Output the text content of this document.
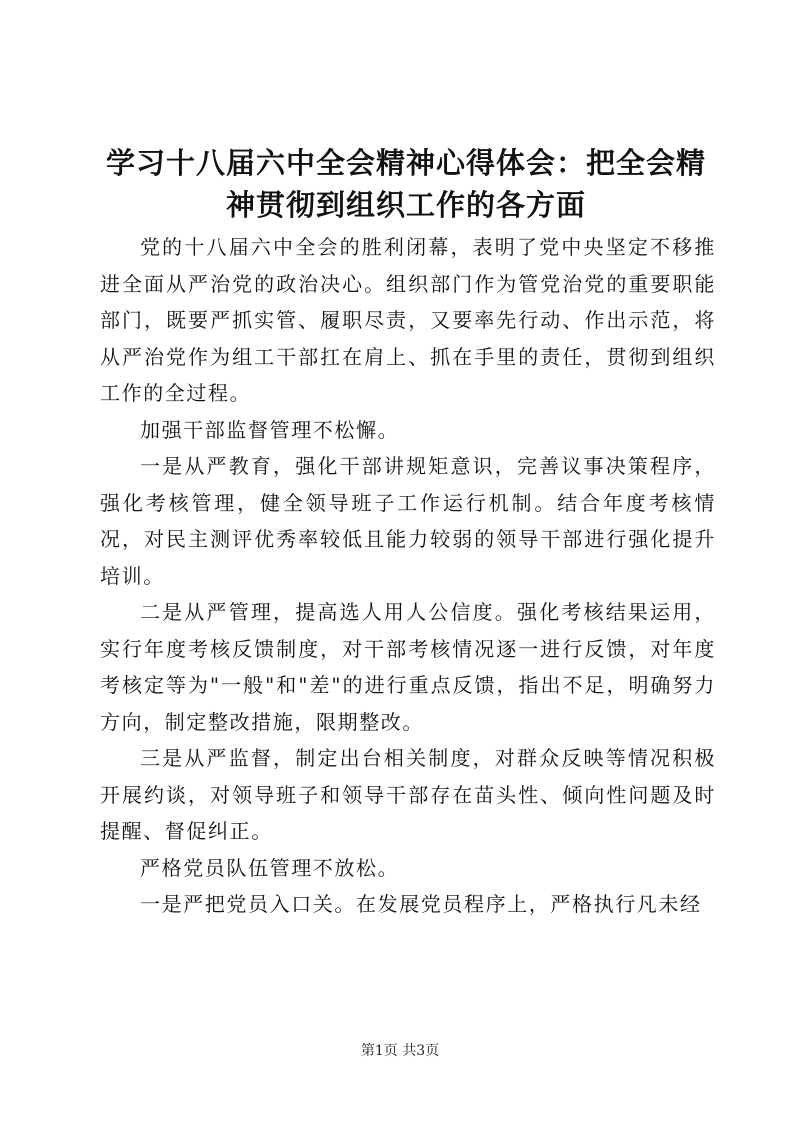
学习十八届六中全会精神心得体会：把全会精神贯彻到组织工作的各方面

党的十八届六中全会的胜利闭幕，表明了党中央坚定不移推进全面从严治党的政治决心。组织部门作为管党治党的重要职能部门，既要严抓实管、履职尽责，又要率先行动、作出示范，将从严治党作为组工干部扛在肩上、抓在手里的责任，贯彻到组织工作的全过程。

加强干部监督管理不松懈。

一是从严教育，强化干部讲规矩意识，完善议事决策程序，强化考核管理，健全领导班子工作运行机制。结合年度考核情况，对民主测评优秀率较低且能力较弱的领导干部进行强化提升培训。

二是从严管理，提高选人用人公信度。强化考核结果运用，实行年度考核反馈制度，对干部考核情况逐一进行反馈，对年度考核定等为"一般"和"差"的进行重点反馈，指出不足，明确努力方向，制定整改措施，限期整改。

三是从严监督，制定出台相关制度，对群众反映等情况积极开展约谈，对领导班子和领导干部存在苗头性、倾向性问题及时提醒、督促纠正。

严格党员队伍管理不放松。

一是严把党员入口关。在发展党员程序上，严格执行凡未经

第1页 共3页
